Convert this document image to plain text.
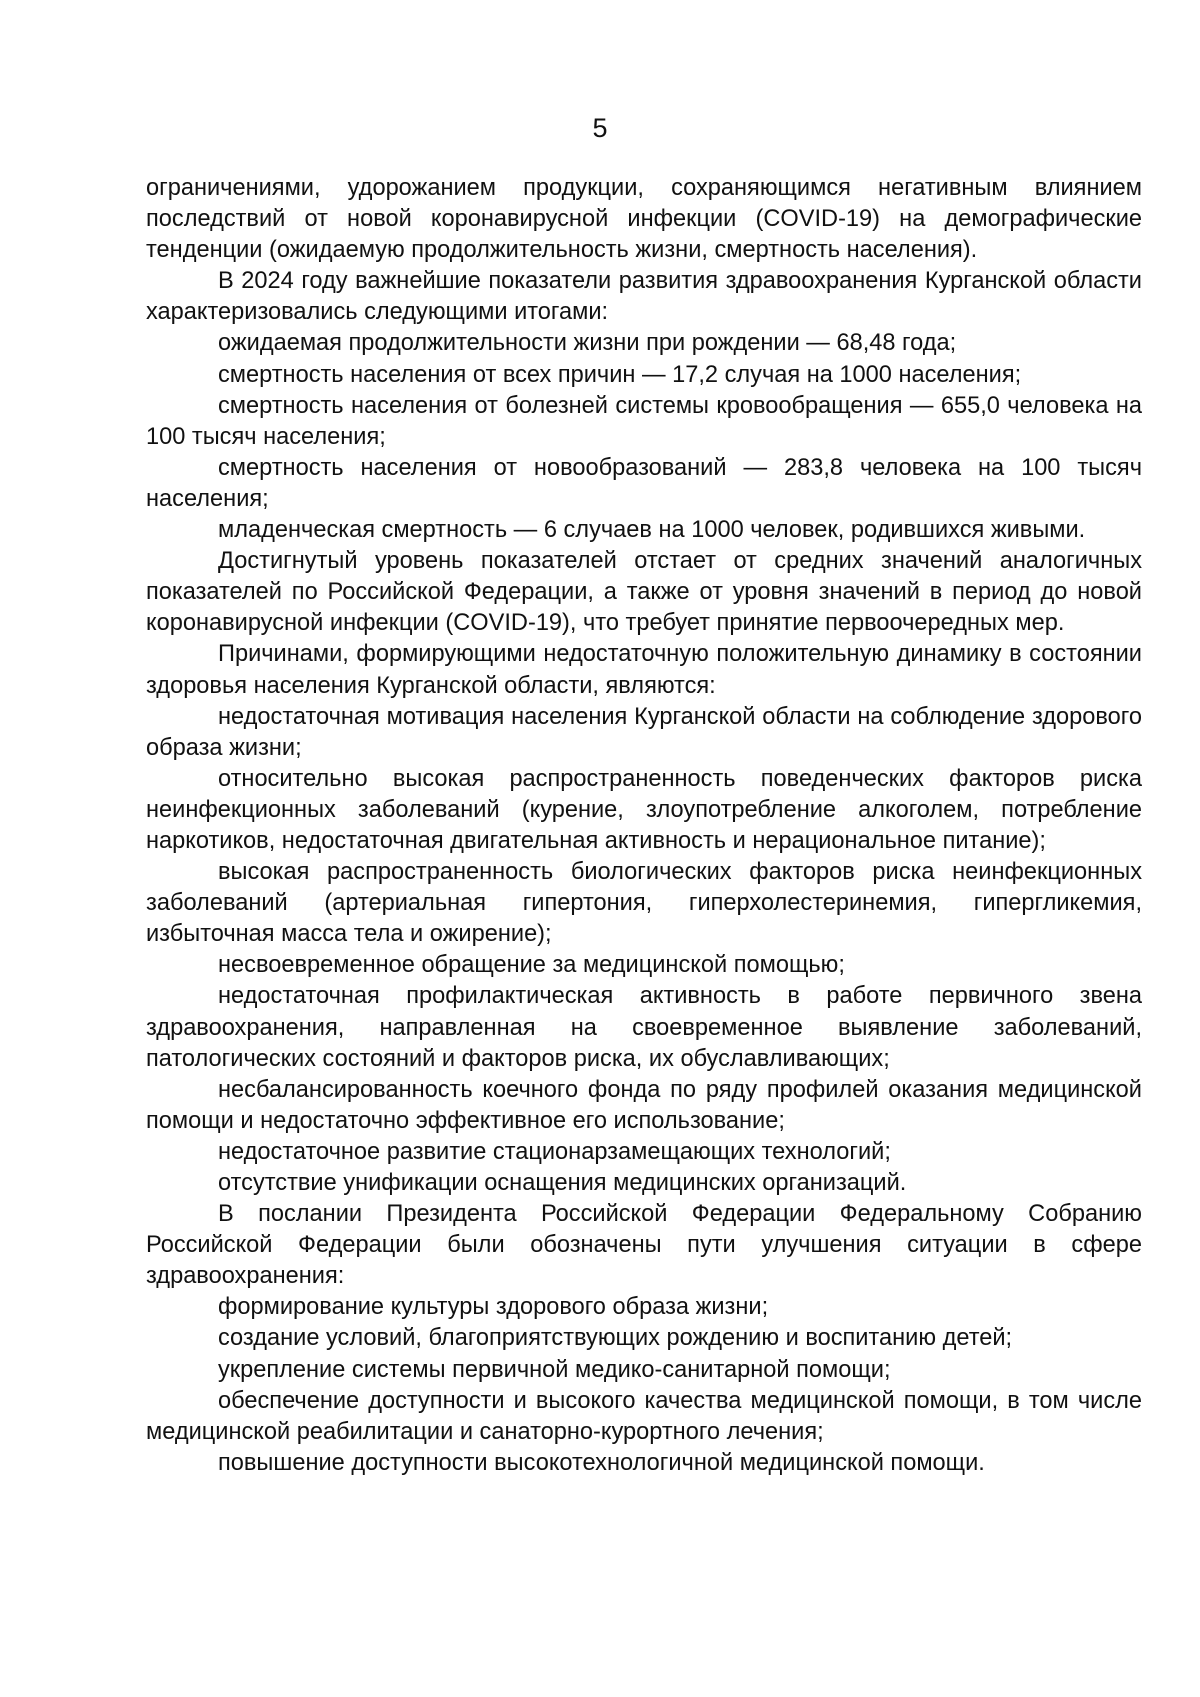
5

ограничениями, удорожанием продукции, сохраняющимся негативным влиянием последствий от новой коронавирусной инфекции (COVID-19) на демографические тенденции (ожидаемую продолжительность жизни, смертность населения).

В 2024 году важнейшие показатели развития здравоохранения Курганской области характеризовались следующими итогами:

ожидаемая продолжительности жизни при рождении — 68,48 года;

смертность населения от всех причин — 17,2 случая на 1000 населения;

смертность населения от болезней системы кровообращения — 655,0 человека на 100 тысяч населения;

смертность населения от новообразований — 283,8 человека на 100 тысяч населения;

младенческая смертность — 6 случаев на 1000 человек, родившихся живыми.

Достигнутый уровень показателей отстает от средних значений аналогичных показателей по Российской Федерации, а также от уровня значений в период до новой коронавирусной инфекции (COVID-19), что требует принятие первоочередных мер.

Причинами, формирующими недостаточную положительную динамику в состоянии здоровья населения Курганской области, являются:

недостаточная мотивация населения Курганской области на соблюдение здорового образа жизни;

относительно высокая распространенность поведенческих факторов риска неинфекционных заболеваний (курение, злоупотребление алкоголем, потребление наркотиков, недостаточная двигательная активность и нерациональное питание);

высокая распространенность биологических факторов риска неинфекционных заболеваний (артериальная гипертония, гиперхолестеринемия, гипергликемия, избыточная масса тела и ожирение);

несвоевременное обращение за медицинской помощью;

недостаточная профилактическая активность в работе первичного звена здравоохранения, направленная на своевременное выявление заболеваний, патологических состояний и факторов риска, их обуславливающих;

несбалансированность коечного фонда по ряду профилей оказания медицинской помощи и недостаточно эффективное его использование;

недостаточное развитие стационарзамещающих технологий;

отсутствие унификации оснащения медицинских организаций.

В послании Президента Российской Федерации Федеральному Собранию Российской Федерации были обозначены пути улучшения ситуации в сфере здравоохранения:

формирование культуры здорового образа жизни;

создание условий, благоприятствующих рождению и воспитанию детей;

укрепление системы первичной медико-санитарной помощи;

обеспечение доступности и высокого качества медицинской помощи, в том числе медицинской реабилитации и санаторно-курортного лечения;

повышение доступности высокотехнологичной медицинской помощи.
